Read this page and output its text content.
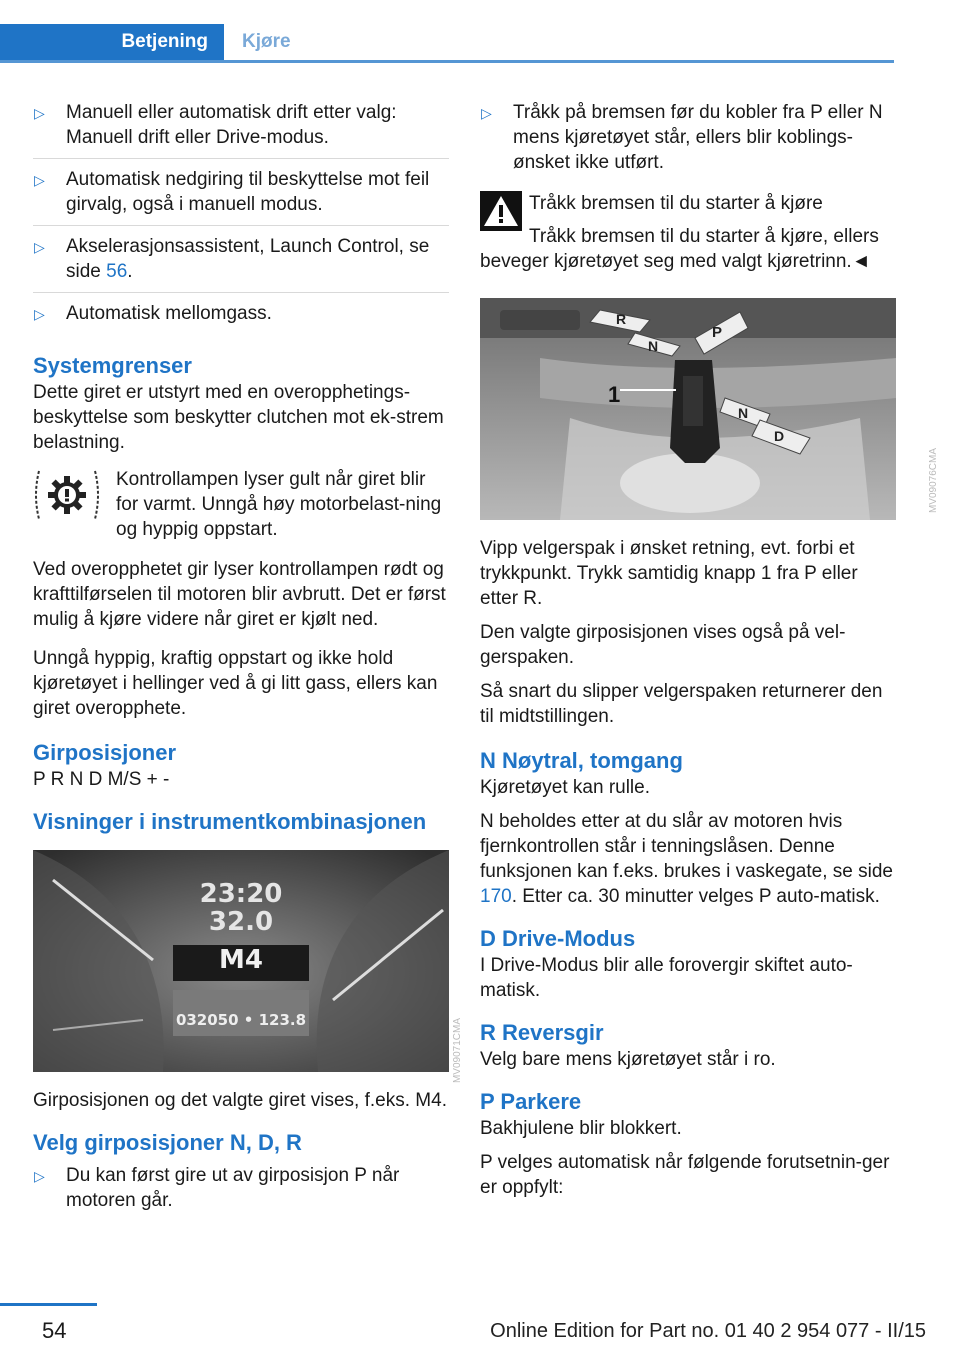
Betjening Kjøre
▷ Manuell eller automatisk drift etter valg: Manuell drift eller Drive-modus.
▷ Automatisk nedgiring til beskyttelse mot feil girvalg, også i manuell modus.
▷ Akselerasjonsassistent, Launch Control, se side 56.
▷ Automatisk mellomgass.
Systemgrenser

Dette giret er utstyrt med en overopphetings-beskyttelse som beskytter clutchen mot ek-strem belastning.

Kontrollampen lyser gult når giret blir for varmt. Unngå høy motorbelast-ning og hyppig oppstart.

Ved overopphetet gir lyser kontrollampen rødt og krafttilførselen til motoren blir avbrutt. Det er først mulig å kjøre videre når giret er kjølt ned.

Unngå hyppig, kraftig oppstart og ikke hold kjøretøyet i hellinger ved å gi litt gass, ellers kan giret overopphete.

Girposisjoner

P R N D M/S + -

Visninger i instrumentkombinasjonen
23:20
32.0
M4
032050 • 123.8

Girposisjonen og det valgte giret vises, f.eks. M4.

Velg girposisjoner N, D, R
▷ Du kan først gire ut av girposisjon P når motoren går.
MV09071CMA
▷ Tråkk på bremsen før du kobler fra P eller N mens kjøretøyet står, ellers blir koblings-ønsket ikke utført.
Tråkk bremsen til du starter å kjøre
Tråkk bremsen til du starter å kjøre, ellers beveger kjøretøyet seg med valgt kjøretrinn.◄
1
R
N
P
N
D

Vipp velgerspak i ønsket retning, evt. forbi et trykkpunkt. Trykk samtidig knapp 1 fra P eller etter R.

Den valgte girposisjonen vises også på vel-gerspaken.

Så snart du slipper velgerspaken returnerer den til midtstillingen.

N Nøytral, tomgang

Kjøretøyet kan rulle.

N beholdes etter at du slår av motoren hvis fjernkontrollen står i tenningslåsen. Denne funksjonen kan f.eks. brukes i vaskegate, se side 170. Etter ca. 30 minutter velges P auto-matisk.

D Drive-Modus

I Drive-Modus blir alle forovergir skiftet auto-matisk.

R Reversgir

Velg bare mens kjøretøyet står i ro.

P Parkere

Bakhjulene blir blokkert.

P velges automatisk når følgende forutsetnin-ger er oppfylt:

MV09076CMA
54	Online Edition for Part no. 01 40 2 954 077 - II/15
